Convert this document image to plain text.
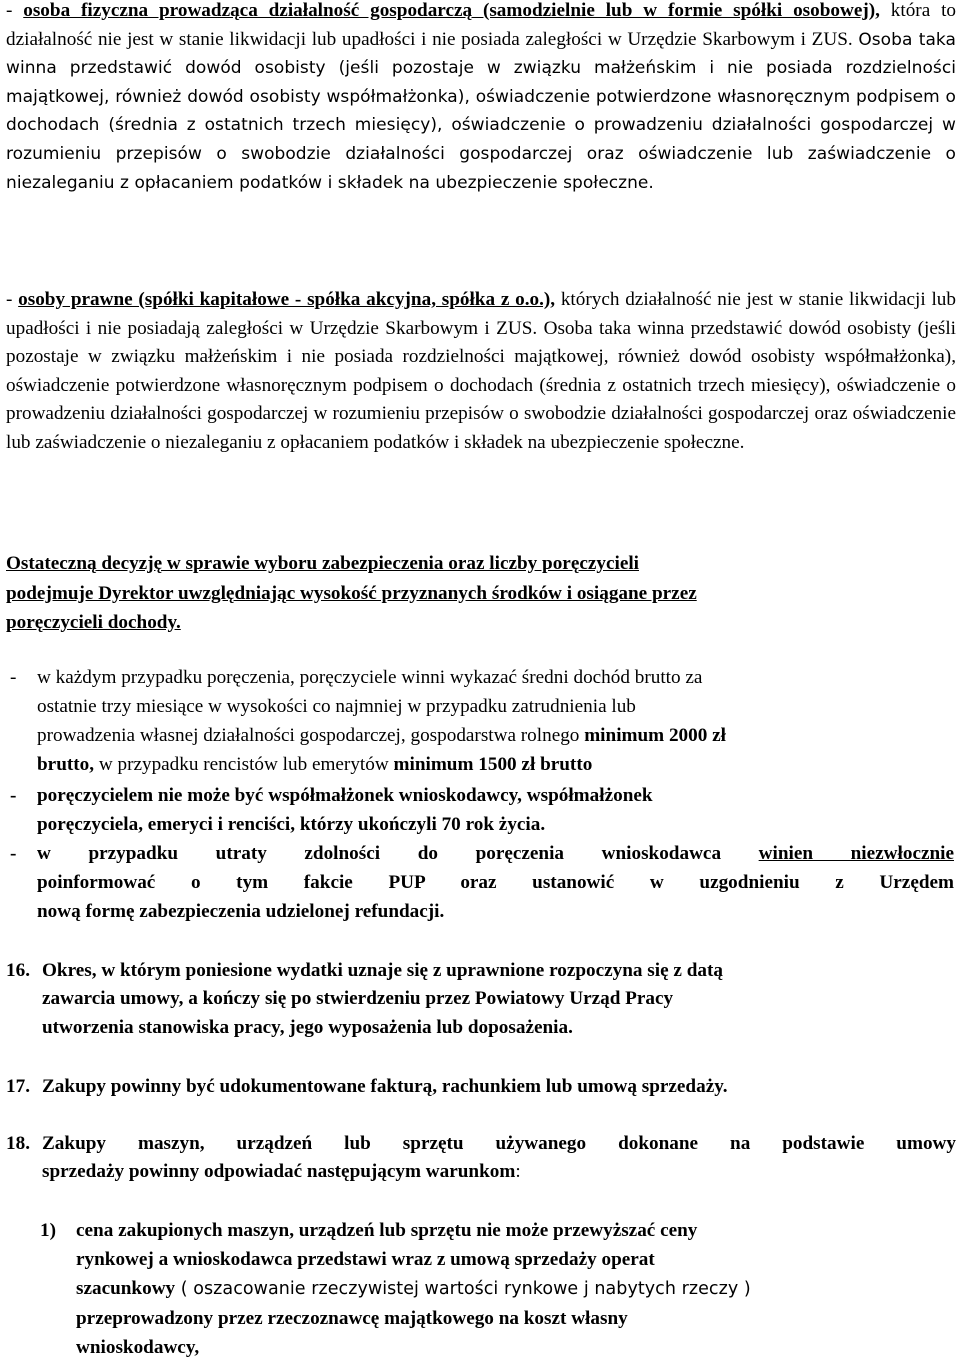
- osoba fizyczna prowadząca działalność gospodarczą (samodzielnie lub w formie spółki osobowej), która to działalność nie jest w stanie likwidacji lub upadłości i nie posiada zaległości w Urzędzie Skarbowym i ZUS. Osoba taka winna przedstawić dowód osobisty (jeśli pozostaje w związku małżeńskim i nie posiada rozdzielności majątkowej, również dowód osobisty współmałżonka), oświadczenie potwierdzone własnoręcznym podpisem o dochodach (średnia z ostatnich trzech miesięcy), oświadczenie o prowadzeniu działalności gospodarczej w rozumieniu przepisów o swobodzie działalności gospodarczej oraz oświadczenie lub zaświadczenie o niezaleganiu z opłacaniem podatków i składek na ubezpieczenie społeczne.
- osoby prawne (spółki kapitałowe - spółka akcyjna, spółka z o.o.), których działalność nie jest w stanie likwidacji lub upadłości i nie posiadają zaległości w Urzędzie Skarbowym i ZUS. Osoba taka winna przedstawić dowód osobisty (jeśli pozostaje w związku małżeńskim i nie posiada rozdzielności majątkowej, również dowód osobisty współmałżonka), oświadczenie potwierdzone własnoręcznym podpisem o dochodach (średnia z ostatnich trzech miesięcy), oświadczenie o prowadzeniu działalności gospodarczej w rozumieniu przepisów o swobodzie działalności gospodarczej oraz oświadczenie lub zaświadczenie o niezaleganiu z opłacaniem podatków i składek na ubezpieczenie społeczne.
Ostateczną decyzję w sprawie wyboru zabezpieczenia oraz liczby poręczycieli
podejmuje Dyrektor uwzględniając wysokość przyznanych środków i osiągane przez
poręczycieli dochody.
- w każdym przypadku poręczenia, poręczyciele winni wykazać średni dochód brutto za
ostatnie trzy miesiące w wysokości co najmniej w przypadku zatrudnienia lub
prowadzenia własnej działalności gospodarczej, gospodarstwa rolnego minimum 2000 zł
brutto, w przypadku rencistów lub emerytów minimum 1500 zł brutto
- poręczycielem nie może być współmałżonek wnioskodawcy, współmałżonek
poręczyciela, emeryci i renciści, którzy ukończyli 70 rok życia.
- w przypadku utraty zdolności do poręczenia wnioskodawca winien niezwłocznie
poinformować o tym fakcie PUP oraz ustanowić w uzgodnieniu z Urzędem
nową formę zabezpieczenia udzielonej refundacji.
16. Okres, w którym poniesione wydatki uznaje się z uprawnione rozpoczyna się z datą
zawarcia umowy, a kończy się po stwierdzeniu przez Powiatowy Urząd Pracy
utworzenia stanowiska pracy, jego wyposażenia lub doposażenia.
17. Zakupy powinny być udokumentowane fakturą, rachunkiem lub umową sprzedaży.
18. Zakupy maszyn, urządzeń lub sprzętu używanego dokonane na podstawie umowy
sprzedaży powinny odpowiadać następującym warunkom:
1) cena zakupionych maszyn, urządzeń lub sprzętu nie może przewyższać ceny
rynkowej a wnioskodawca przedstawi wraz z umową sprzedaży operat
szacunkowy ( oszacowanie rzeczywistej wartości rynkowe j nabytych rzeczy )
przeprowadzony przez rzeczoznawcę majątkowego na koszt własny
wnioskodawcy,
